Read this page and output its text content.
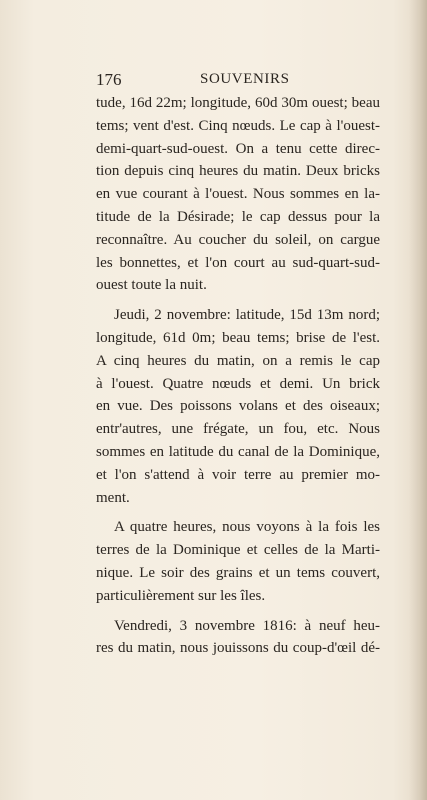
176	SOUVENIRS
tude, 16d 22m; longitude, 60d 30m ouest; beau
tems; vent d'est. Cinq nœuds. Le cap à l'ouest-
demi-quart-sud-ouest. On a tenu cette direc-
tion depuis cinq heures du matin. Deux bricks
en vue courant à l'ouest. Nous sommes en la-
titude de la Désirade; le cap dessus pour la
reconnaître. Au coucher du soleil, on cargue
les bonnettes, et l'on court au sud-quart-sud-
ouest toute la nuit.
Jeudi, 2 novembre: latitude, 15d 13m nord;
longitude, 61d 0m; beau tems; brise de l'est.
A cinq heures du matin, on a remis le cap
à l'ouest. Quatre nœuds et demi. Un brick
en vue. Des poissons volans et des oiseaux;
entr'autres, une frégate, un fou, etc. Nous
sommes en latitude du canal de la Dominique,
et l'on s'attend à voir terre au premier mo-
ment.
A quatre heures, nous voyons à la fois les
terres de la Dominique et celles de la Marti-
nique. Le soir des grains et un tems couvert,
particulièrement sur les îles.
Vendredi, 3 novembre 1816: à neuf heu-
res du matin, nous jouissons du coup-d'œil dé-
